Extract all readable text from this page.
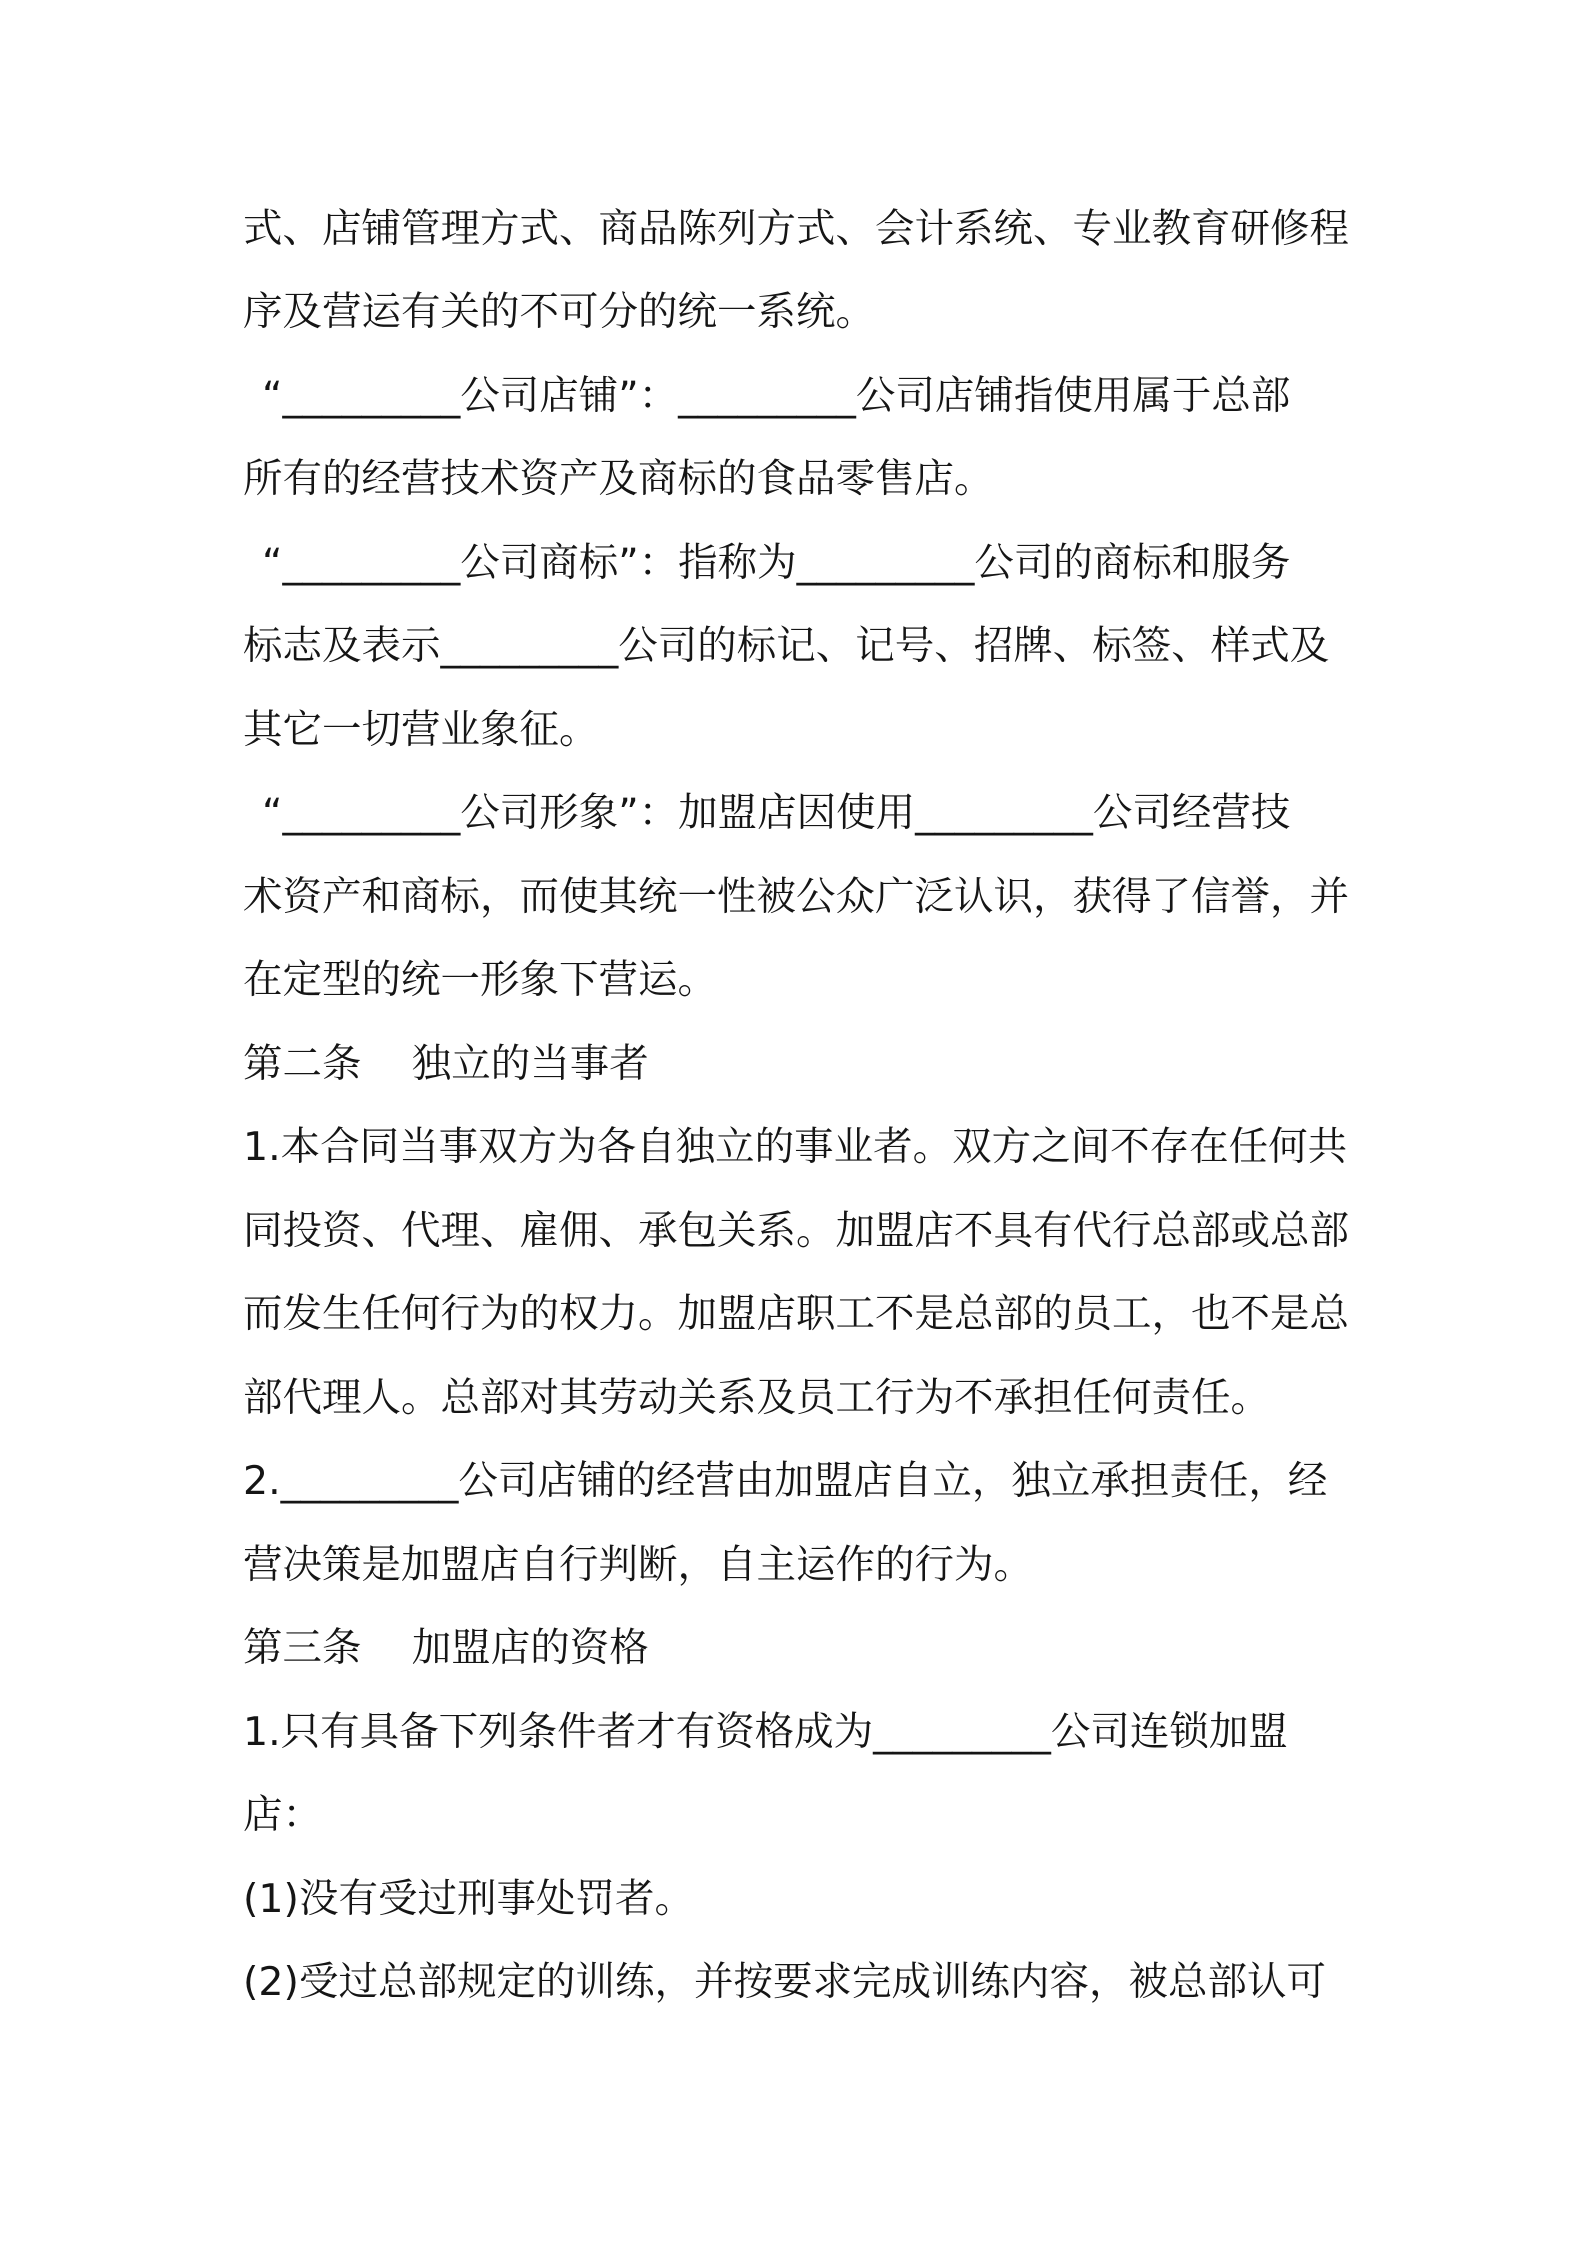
式、店铺管理方式、商品陈列方式、会计系统、专业教育研修程
序及营运有关的不可分的统一系统。
“_________公司店铺”：_________公司店铺指使用属于总部
所有的经营技术资产及商标的食品零售店。
“_________公司商标”：指称为_________公司的商标和服务
标志及表示_________公司的标记、记号、招牌、标签、样式及
其它一切营业象征。
“_________公司形象”：加盟店因使用_________公司经营技
术资产和商标，而使其统一性被公众广泛认识，获得了信誉，并
在定型的统一形象下营运。
第二条    独立的当事者
1.本合同当事双方为各自独立的事业者。双方之间不存在任何共
同投资、代理、雇佣、承包关系。加盟店不具有代行总部或总部
而发生任何行为的权力。加盟店职工不是总部的员工，也不是总
部代理人。总部对其劳动关系及员工行为不承担任何责任。
2._________公司店铺的经营由加盟店自立，独立承担责任，经
营决策是加盟店自行判断，自主运作的行为。
第三条    加盟店的资格
1.只有具备下列条件者才有资格成为_________公司连锁加盟
店：
(1)没有受过刑事处罚者。
(2)受过总部规定的训练，并按要求完成训练内容，被总部认可
